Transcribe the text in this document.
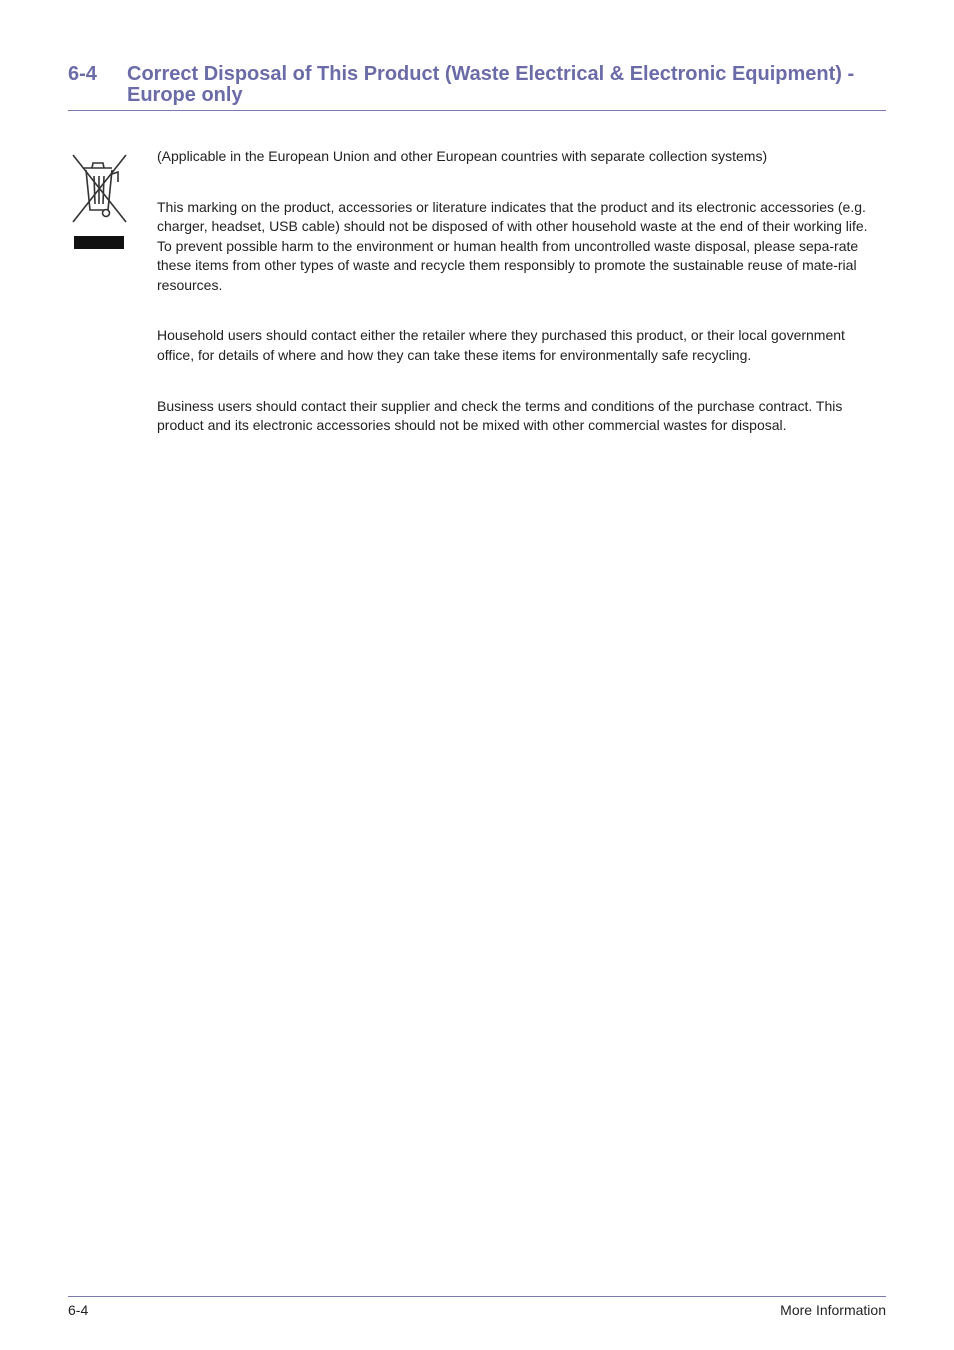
6-4 Correct Disposal of This Product (Waste Electrical & Electronic Equipment) - Europe only

(Applicable in the European Union and other European countries with separate collection systems)

This marking on the product, accessories or literature indicates that the product and its electronic accessories (e.g. charger, headset, USB cable) should not be disposed of with other household waste at the end of their working life. To prevent possible harm to the environment or human health from uncontrolled waste disposal, please sepa-rate these items from other types of waste and recycle them responsibly to promote the sustainable reuse of mate-rial resources.

Household users should contact either the retailer where they purchased this product, or their local government office, for details of where and how they can take these items for environmentally safe recycling.

Business users should contact their supplier and check the terms and conditions of the purchase contract. This product and its electronic accessories should not be mixed with other commercial wastes for disposal.

6-4	More Information
